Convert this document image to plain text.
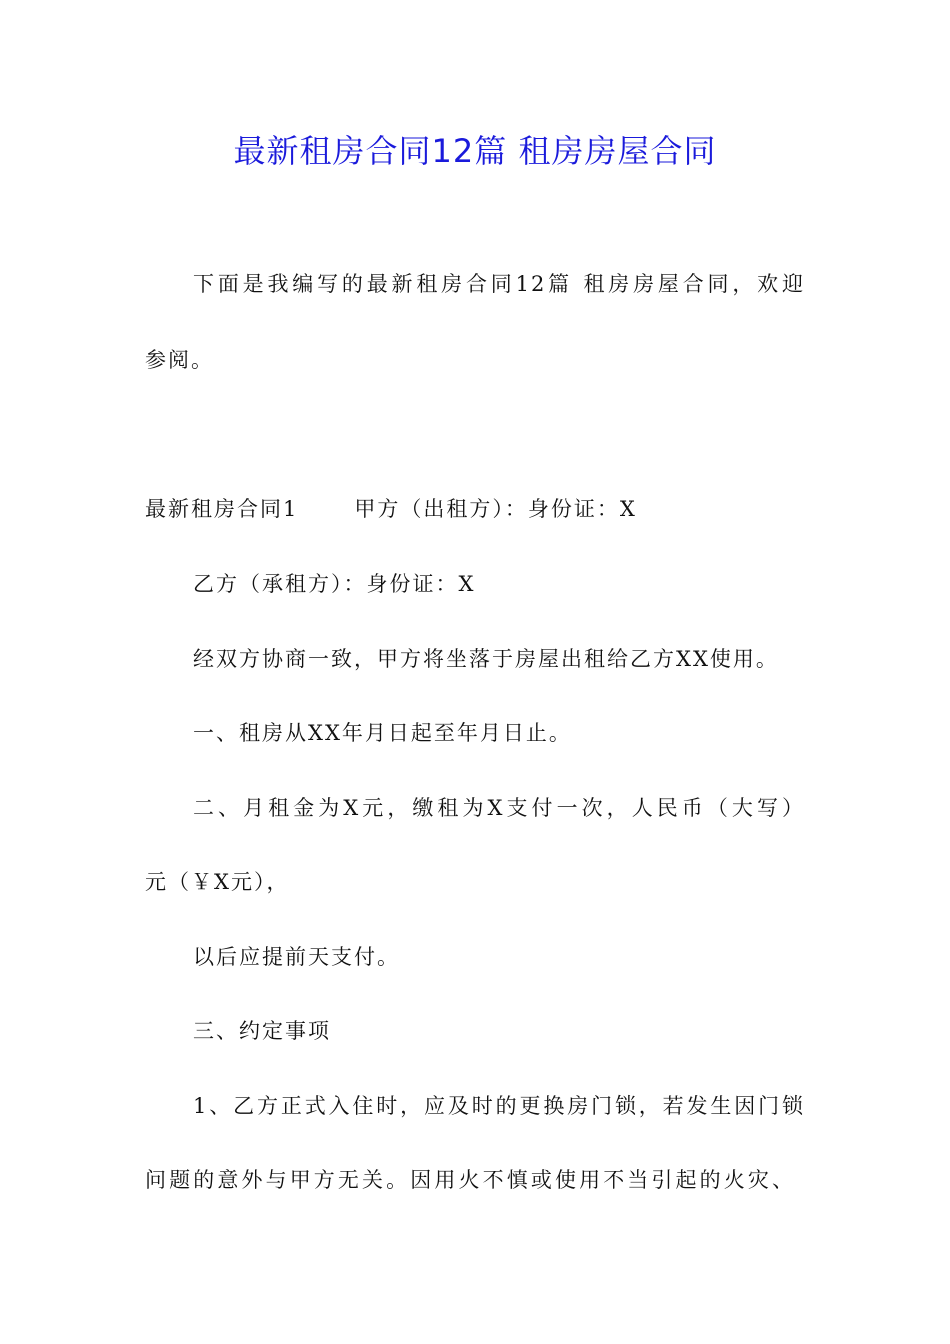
最新租房合同12篇 租房房屋合同
下面是我编写的最新租房合同12篇 租房房屋合同，欢迎
参阅。
最新租房合同1	甲方（出租方）：身份证：X
乙方（承租方）：身份证：X
经双方协商一致，甲方将坐落于房屋出租给乙方XX使用。
一、租房从XX年月日起至年月日止。
二、月租金为X元，缴租为X支付一次，人民币（大写）
元（￥X元），
以后应提前天支付。
三、约定事项
1、乙方正式入住时，应及时的更换房门锁，若发生因门锁
问题的意外与甲方无关。因用火不慎或使用不当引起的火灾、
